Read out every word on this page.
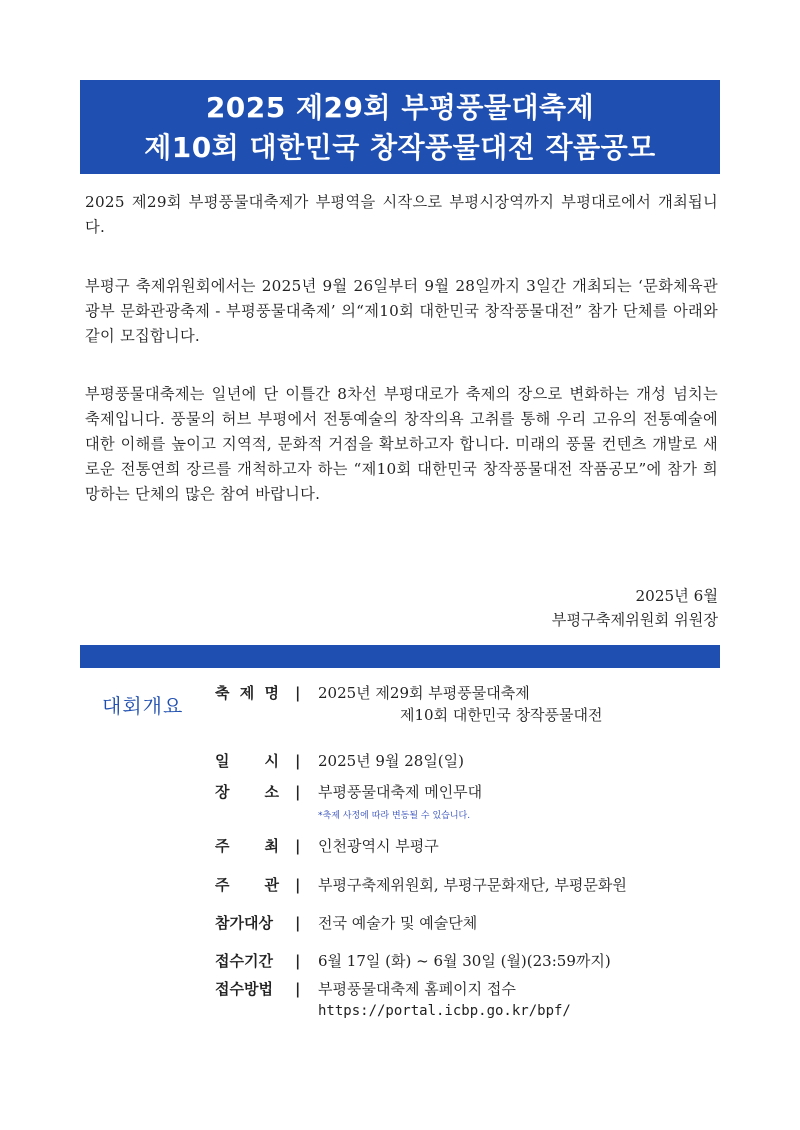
2025 제29회 부평풍물대축제
제10회 대한민국 창작풍물대전 작품공모
2025 제29회 부평풍물대축제가 부평역을 시작으로 부평시장역까지 부평대로에서 개최됩니다.
부평구 축제위원회에서는 2025년 9월 26일부터 9월 28일까지 3일간 개최되는 ‘문화체육관광부 문화관광축제 - 부평풍물대축제’ 의“제10회 대한민국 창작풍물대전” 참가 단체를 아래와 같이 모집합니다.
부평풍물대축제는 일년에 단 이틀간 8차선 부평대로가 축제의 장으로 변화하는 개성 넘치는 축제입니다. 풍물의 허브 부평에서 전통예술의 창작의욕 고취를 통해 우리 고유의 전통예술에 대한 이해를 높이고 지역적, 문화적 거점을 확보하고자 합니다. 미래의 풍물 컨텐츠 개발로 새로운 전통연희 장르를 개척하고자 하는 “제10회 대한민국 창작풍물대전 작품공모”에 참가 희망하는 단체의 많은 참여 바랍니다.
2025년 6월
부평구축제위원회 위원장
대회개요
축 제 명 | 2025년 제29회 부평풍물대축제
제10회 대한민국 창작풍물대전
일 시 | 2025년 9월 28일(일)
장 소 | 부평풍물대축제 메인무대
*축제 사정에 따라 변동될 수 있습니다.
주 최 | 인천광역시 부평구
주 관 | 부평구축제위원회, 부평구문화재단, 부평문화원
참가대상	| 전국 예술가 및 예술단체
접수기간	| 6월 17일 (화) ~ 6월 30일 (월)(23:59까지)
접수방법	| 부평풍물대축제 홈페이지 접수
https://portal.icbp.go.kr/bpf/
